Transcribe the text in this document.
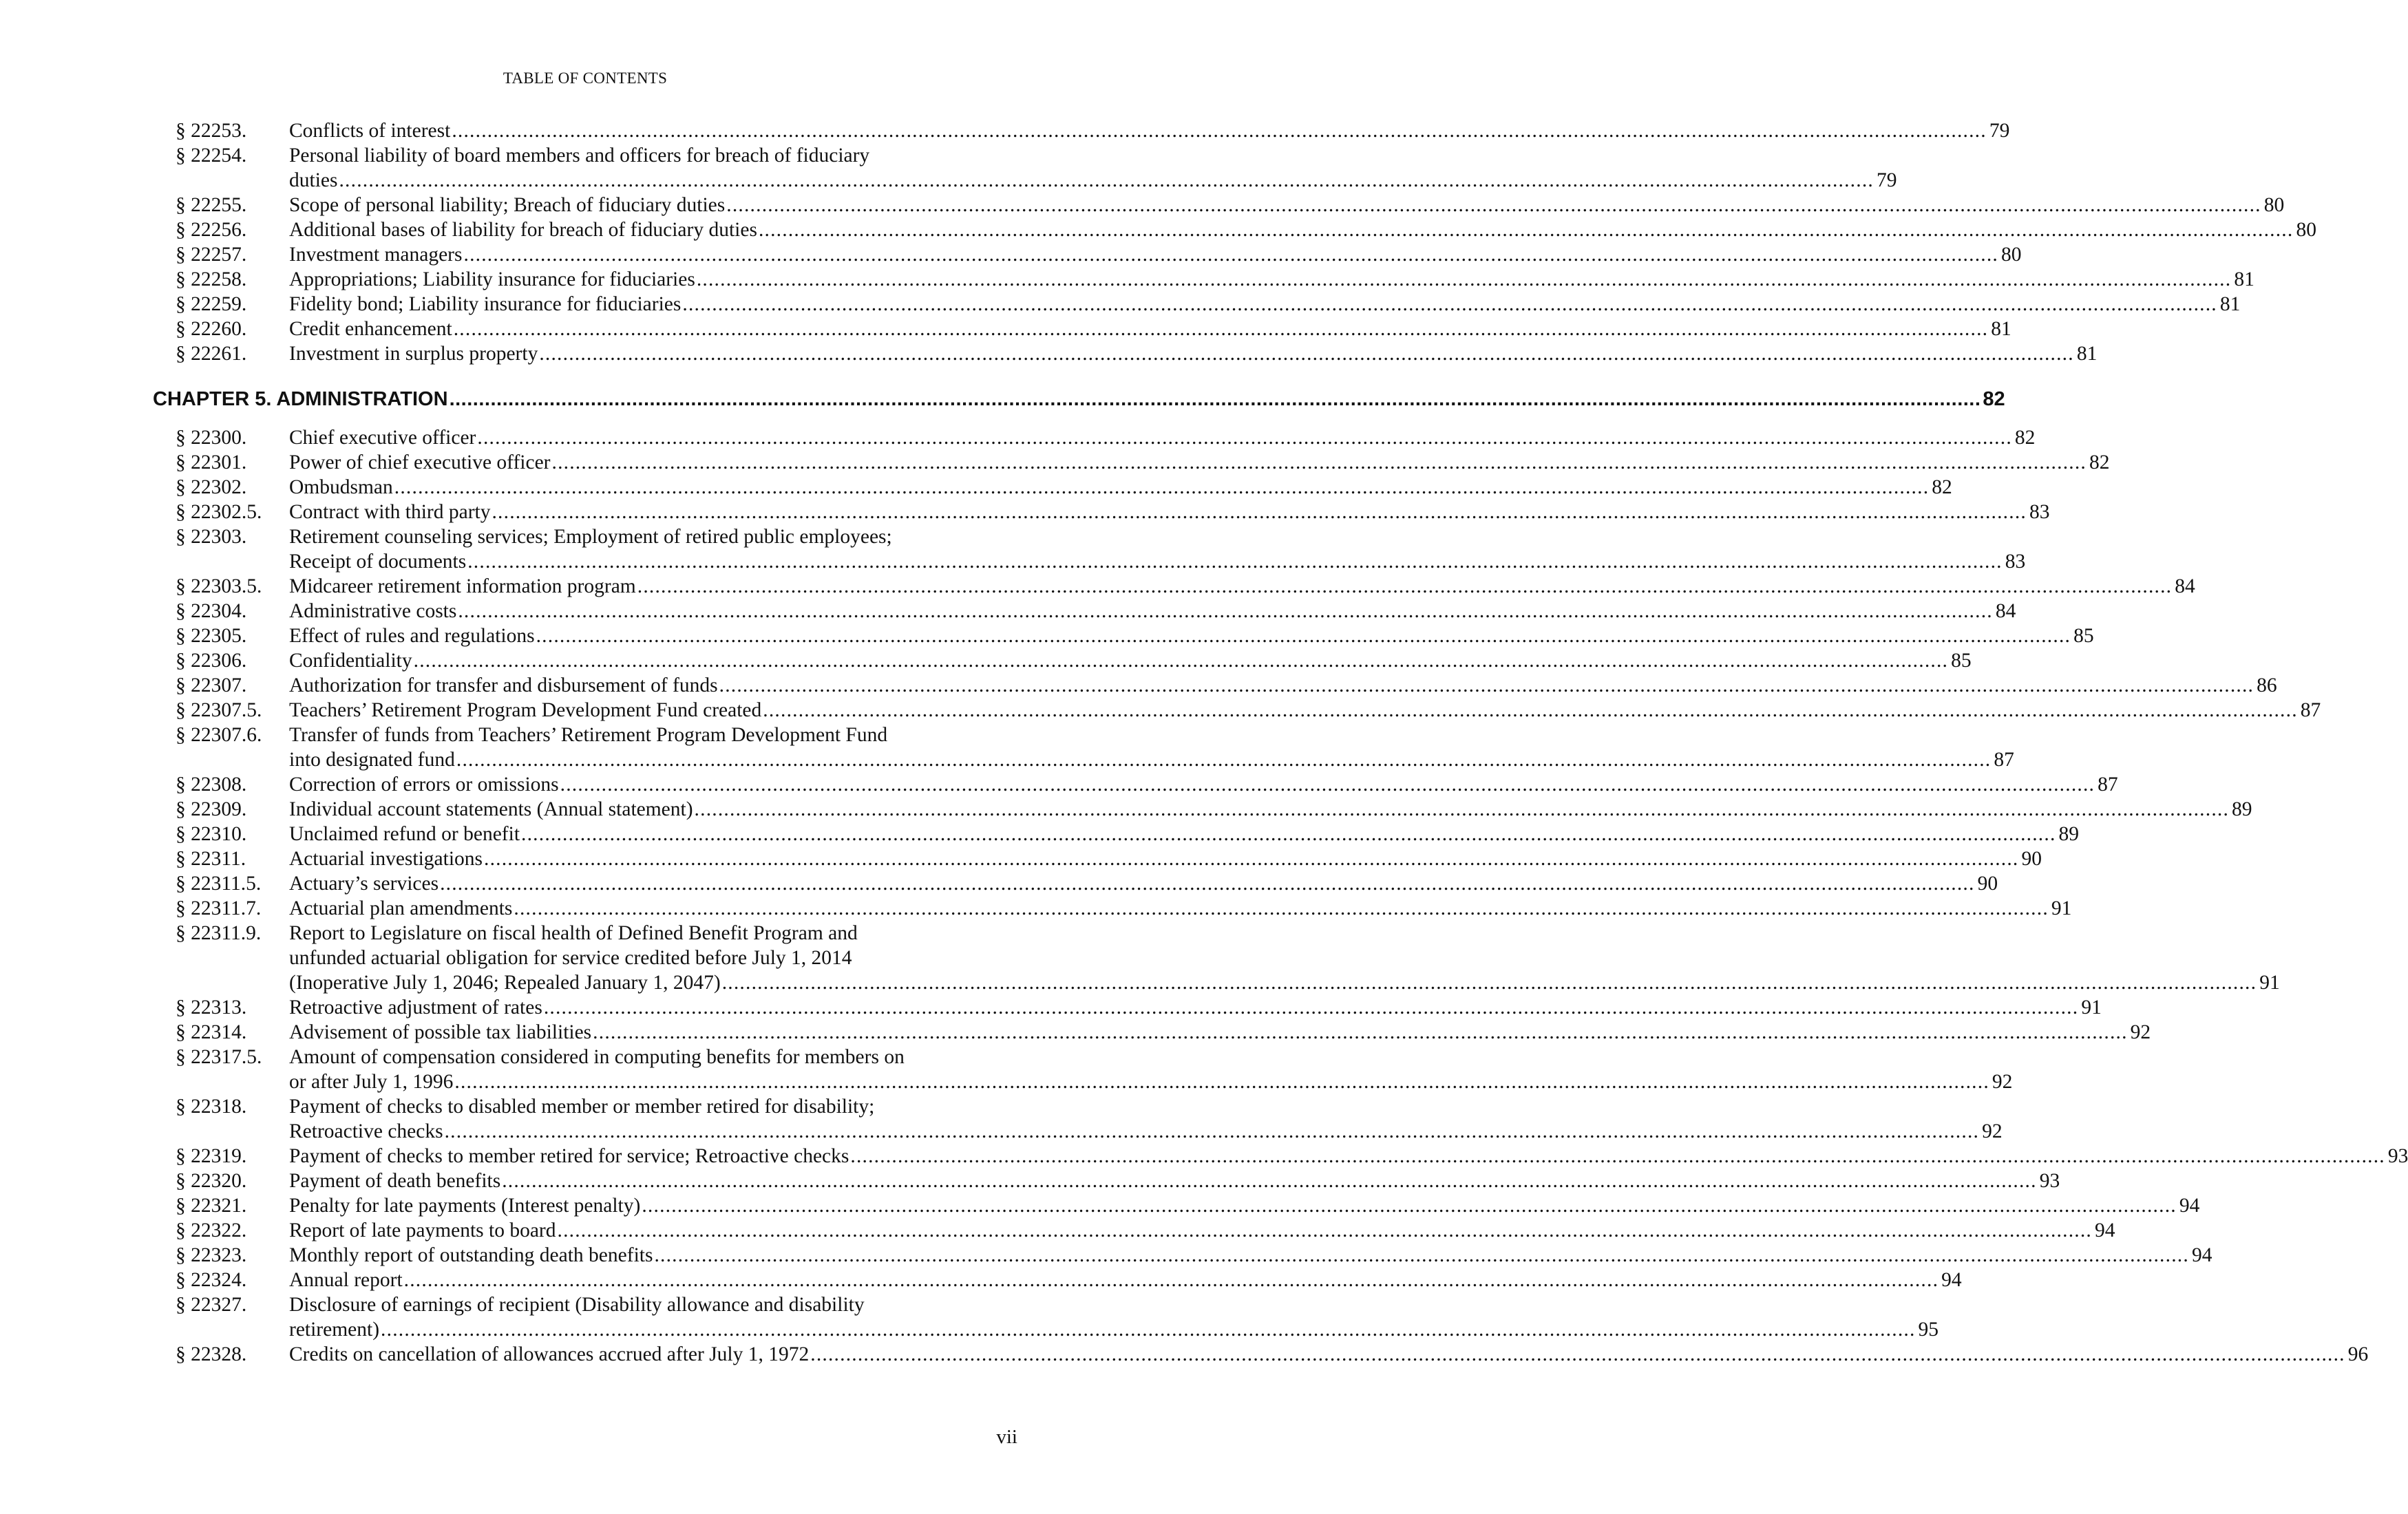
TABLE OF CONTENTS
§ 22253. Conflicts of interest .................................................................................................................................................................................................................................................................... 79
§ 22254. Personal liability of board members and officers for breach of fiduciary
duties .................................................................................................................................................................................................................................................................... 79
§ 22255. Scope of personal liability; Breach of fiduciary duties .................................................................................................................................................................................................................................................................... 80
§ 22256. Additional bases of liability for breach of fiduciary duties .................................................................................................................................................................................................................................................................... 80
§ 22257. Investment managers .................................................................................................................................................................................................................................................................... 80
§ 22258. Appropriations; Liability insurance for fiduciaries .................................................................................................................................................................................................................................................................... 81
§ 22259. Fidelity bond; Liability insurance for fiduciaries .................................................................................................................................................................................................................................................................... 81
§ 22260. Credit enhancement .................................................................................................................................................................................................................................................................... 81
§ 22261. Investment in surplus property .................................................................................................................................................................................................................................................................... 81
CHAPTER 5. ADMINISTRATION .................................................................................................................................................................................................................................................................... 82
§ 22300. Chief executive officer .................................................................................................................................................................................................................................................................... 82
§ 22301. Power of chief executive officer .................................................................................................................................................................................................................................................................... 82
§ 22302. Ombudsman .................................................................................................................................................................................................................................................................... 82
§ 22302.5. Contract with third party .................................................................................................................................................................................................................................................................... 83
§ 22303. Retirement counseling services; Employment of retired public employees;
Receipt of documents .................................................................................................................................................................................................................................................................... 83
§ 22303.5. Midcareer retirement information program .................................................................................................................................................................................................................................................................... 84
§ 22304. Administrative costs .................................................................................................................................................................................................................................................................... 84
§ 22305. Effect of rules and regulations .................................................................................................................................................................................................................................................................... 85
§ 22306. Confidentiality .................................................................................................................................................................................................................................................................... 85
§ 22307. Authorization for transfer and disbursement of funds .................................................................................................................................................................................................................................................................... 86
§ 22307.5. Teachers’ Retirement Program Development Fund created .................................................................................................................................................................................................................................................................... 87
§ 22307.6. Transfer of funds from Teachers’ Retirement Program Development Fund
into designated fund .................................................................................................................................................................................................................................................................... 87
§ 22308. Correction of errors or omissions .................................................................................................................................................................................................................................................................... 87
§ 22309. Individual account statements (Annual statement) .................................................................................................................................................................................................................................................................... 89
§ 22310. Unclaimed refund or benefit .................................................................................................................................................................................................................................................................... 89
§ 22311. Actuarial investigations .................................................................................................................................................................................................................................................................... 90
§ 22311.5. Actuary’s services .................................................................................................................................................................................................................................................................... 90
§ 22311.7. Actuarial plan amendments .................................................................................................................................................................................................................................................................... 91
§ 22311.9. Report to Legislature on fiscal health of Defined Benefit Program and
unfunded actuarial obligation for service credited before July 1, 2014
(Inoperative July 1, 2046; Repealed January 1, 2047) .................................................................................................................................................................................................................................................................... 91
§ 22313. Retroactive adjustment of rates .................................................................................................................................................................................................................................................................... 91
§ 22314. Advisement of possible tax liabilities .................................................................................................................................................................................................................................................................... 92
§ 22317.5. Amount of compensation considered in computing benefits for members on
or after July 1, 1996 .................................................................................................................................................................................................................................................................... 92
§ 22318. Payment of checks to disabled member or member retired for disability;
Retroactive checks .................................................................................................................................................................................................................................................................... 92
§ 22319. Payment of checks to member retired for service; Retroactive checks .................................................................................................................................................................................................................................................................... 93
§ 22320. Payment of death benefits .................................................................................................................................................................................................................................................................... 93
§ 22321. Penalty for late payments (Interest penalty) .................................................................................................................................................................................................................................................................... 94
§ 22322. Report of late payments to board .................................................................................................................................................................................................................................................................... 94
§ 22323. Monthly report of outstanding death benefits .................................................................................................................................................................................................................................................................... 94
§ 22324. Annual report .................................................................................................................................................................................................................................................................... 94
§ 22327. Disclosure of earnings of recipient (Disability allowance and disability
retirement) .................................................................................................................................................................................................................................................................... 95
§ 22328. Credits on cancellation of allowances accrued after July 1, 1972 .................................................................................................................................................................................................................................................................... 96
vii
